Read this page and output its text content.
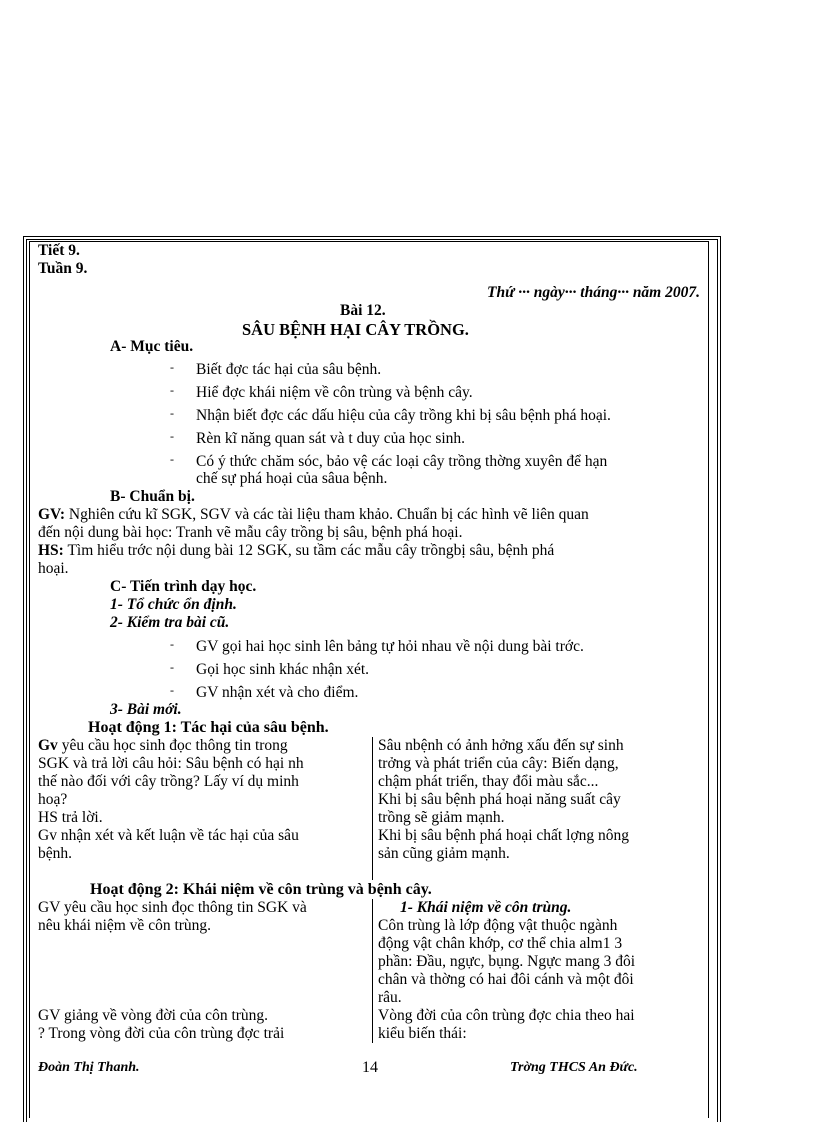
Tiết 9.
Tuần 9.
Thứ ··· ngày··· tháng··· năm 2007.
Bài 12.
SÂU BỆNH HẠI CÂY TRỒNG.
A- Mục tiêu.
- Biết đợc tác hại của sâu bệnh.
- Hiể đợc khái niệm về côn trùng và bệnh cây.
- Nhận biết đợc các dấu hiệu của cây trồng khi bị sâu bệnh phá hoại.
- Rèn kĩ năng quan sát và t duy của học sinh.
- Có ý thức chăm sóc, bảo vệ các loại cây trồng thờng xuyên để hạn
chế sự phá hoại của sâua bệnh.
B- Chuẩn bị.
GV: Nghiên cứu kĩ SGK, SGV và các tài liệu tham khảo. Chuẩn bị các hình vẽ liên quan
đến nội dung bài học: Tranh vẽ mẫu cây trồng bị sâu, bệnh phá hoại.
HS: Tìm hiểu trớc nội dung bài 12 SGK, su tầm các mẫu cây trồngbị sâu, bệnh phá
hoại.
C- Tiến trình dạy học.
1- Tổ chức ổn định.
2- Kiểm tra bài cũ.
- GV gọi hai học sinh lên bảng tự hỏi nhau về nội dung bài trớc.
- Gọi học sinh khác nhận xét.
- GV nhận xét và cho điểm.
3- Bài mới.
Hoạt động 1: Tác hại của sâu bệnh.
Gv yêu cầu học sinh đọc thông tin trong
SGK và trả lời câu hỏi: Sâu bệnh có hại nh
thế nào đối với cây trồng? Lấy ví dụ minh
hoạ?
HS trả lời.
Gv nhận xét và kết luận về tác hại của sâu
bệnh.
Sâu nbệnh có ảnh hởng xấu đến sự sinh
trởng và phát triển của cây: Biến dạng,
chậm phát triển, thay đổi màu sắc...
Khi bị sâu bệnh phá hoại năng suất cây
trồng sẽ giảm mạnh.
Khi bị sâu bệnh phá hoại chất lợng nông
sản cũng giảm mạnh.
Hoạt động 2: Khái niệm về côn trùng và bệnh cây.
GV yêu cầu học sinh đọc thông tin SGK và
nêu khái niệm về côn trùng.
GV giảng về vòng đời của côn trùng.
? Trong vòng đời của côn trùng đợc trải
1- Khái niệm về côn trùng.
Côn trùng là lớp động vật thuộc ngành
động vật chân khớp, cơ thể chia alm1 3
phần: Đầu, ngực, bụng. Ngực mang 3 đôi
chân và thờng có hai đôi cánh và một đôi
râu.
Vòng đời của côn trùng đợc chia theo hai
kiểu biến thái:
Đoàn Thị Thanh.	14	Trờng THCS An Đức.
